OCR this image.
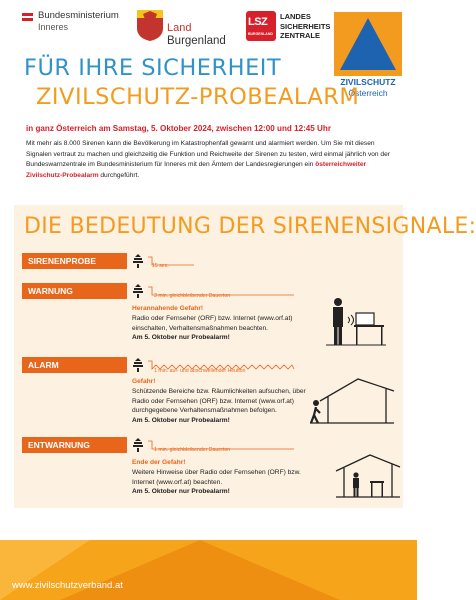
Bundesministerium
Inneres	Land
Burgenland
LSZ
BURGENLAND
LANDES
SICHERHEITS
ZENTRALE
ZIVILSCHUTZ
Österreich
FÜR IHRE SICHERHEIT
ZIVILSCHUTZ-PROBEALARM
in ganz Österreich am Samstag, 5. Oktober 2024, zwischen 12:00 und 12:45 Uhr
Mit mehr als 8.000 Sirenen kann die Bevölkerung im Katastrophenfall gewarnt und alarmiert werden. Um Sie mit diesen Signalen vertraut zu machen und gleichzeitig die Funktion und Reichweite der Sirenen zu testen, wird einmal jährlich von der Bundeswarnzentrale im Bundesministerium für Inneres mit den Ämtern der Landesregierungen ein österreichweiter Zivilschutz-Probealarm durchgeführt.
DIE BEDEUTUNG DER SIRENENSIGNALE:
SIRENENPROBE	15 sec.
WARNUNG	3 min. gleichbleibender Dauerton
Herannahende Gefahr!
Radio oder Fernseher (ORF) bzw. Internet (www.orf.at) einschalten, Verhaltensmaßnahmen beachten.
Am 5. Oktober nur Probealarm!
ALARM
1 min. auf- und abschwellender Heulton
Gefahr!
Schützende Bereiche bzw. Räumlichkeiten aufsuchen, über Radio oder Fernsehen (ORF) bzw. Internet (www.orf.at) durchgegebene Verhaltensmaßnahmen befolgen.
Am 5. Oktober nur Probealarm!
ENTWARNUNG	1 min. gleichbleibender Dauerton
Ende der Gefahr!
Weitere Hinweise über Radio oder Fernsehen (ORF) bzw. Internet (www.orf.at) beachten.
Am 5. Oktober nur Probealarm!
www.zivilschutzverband.at
